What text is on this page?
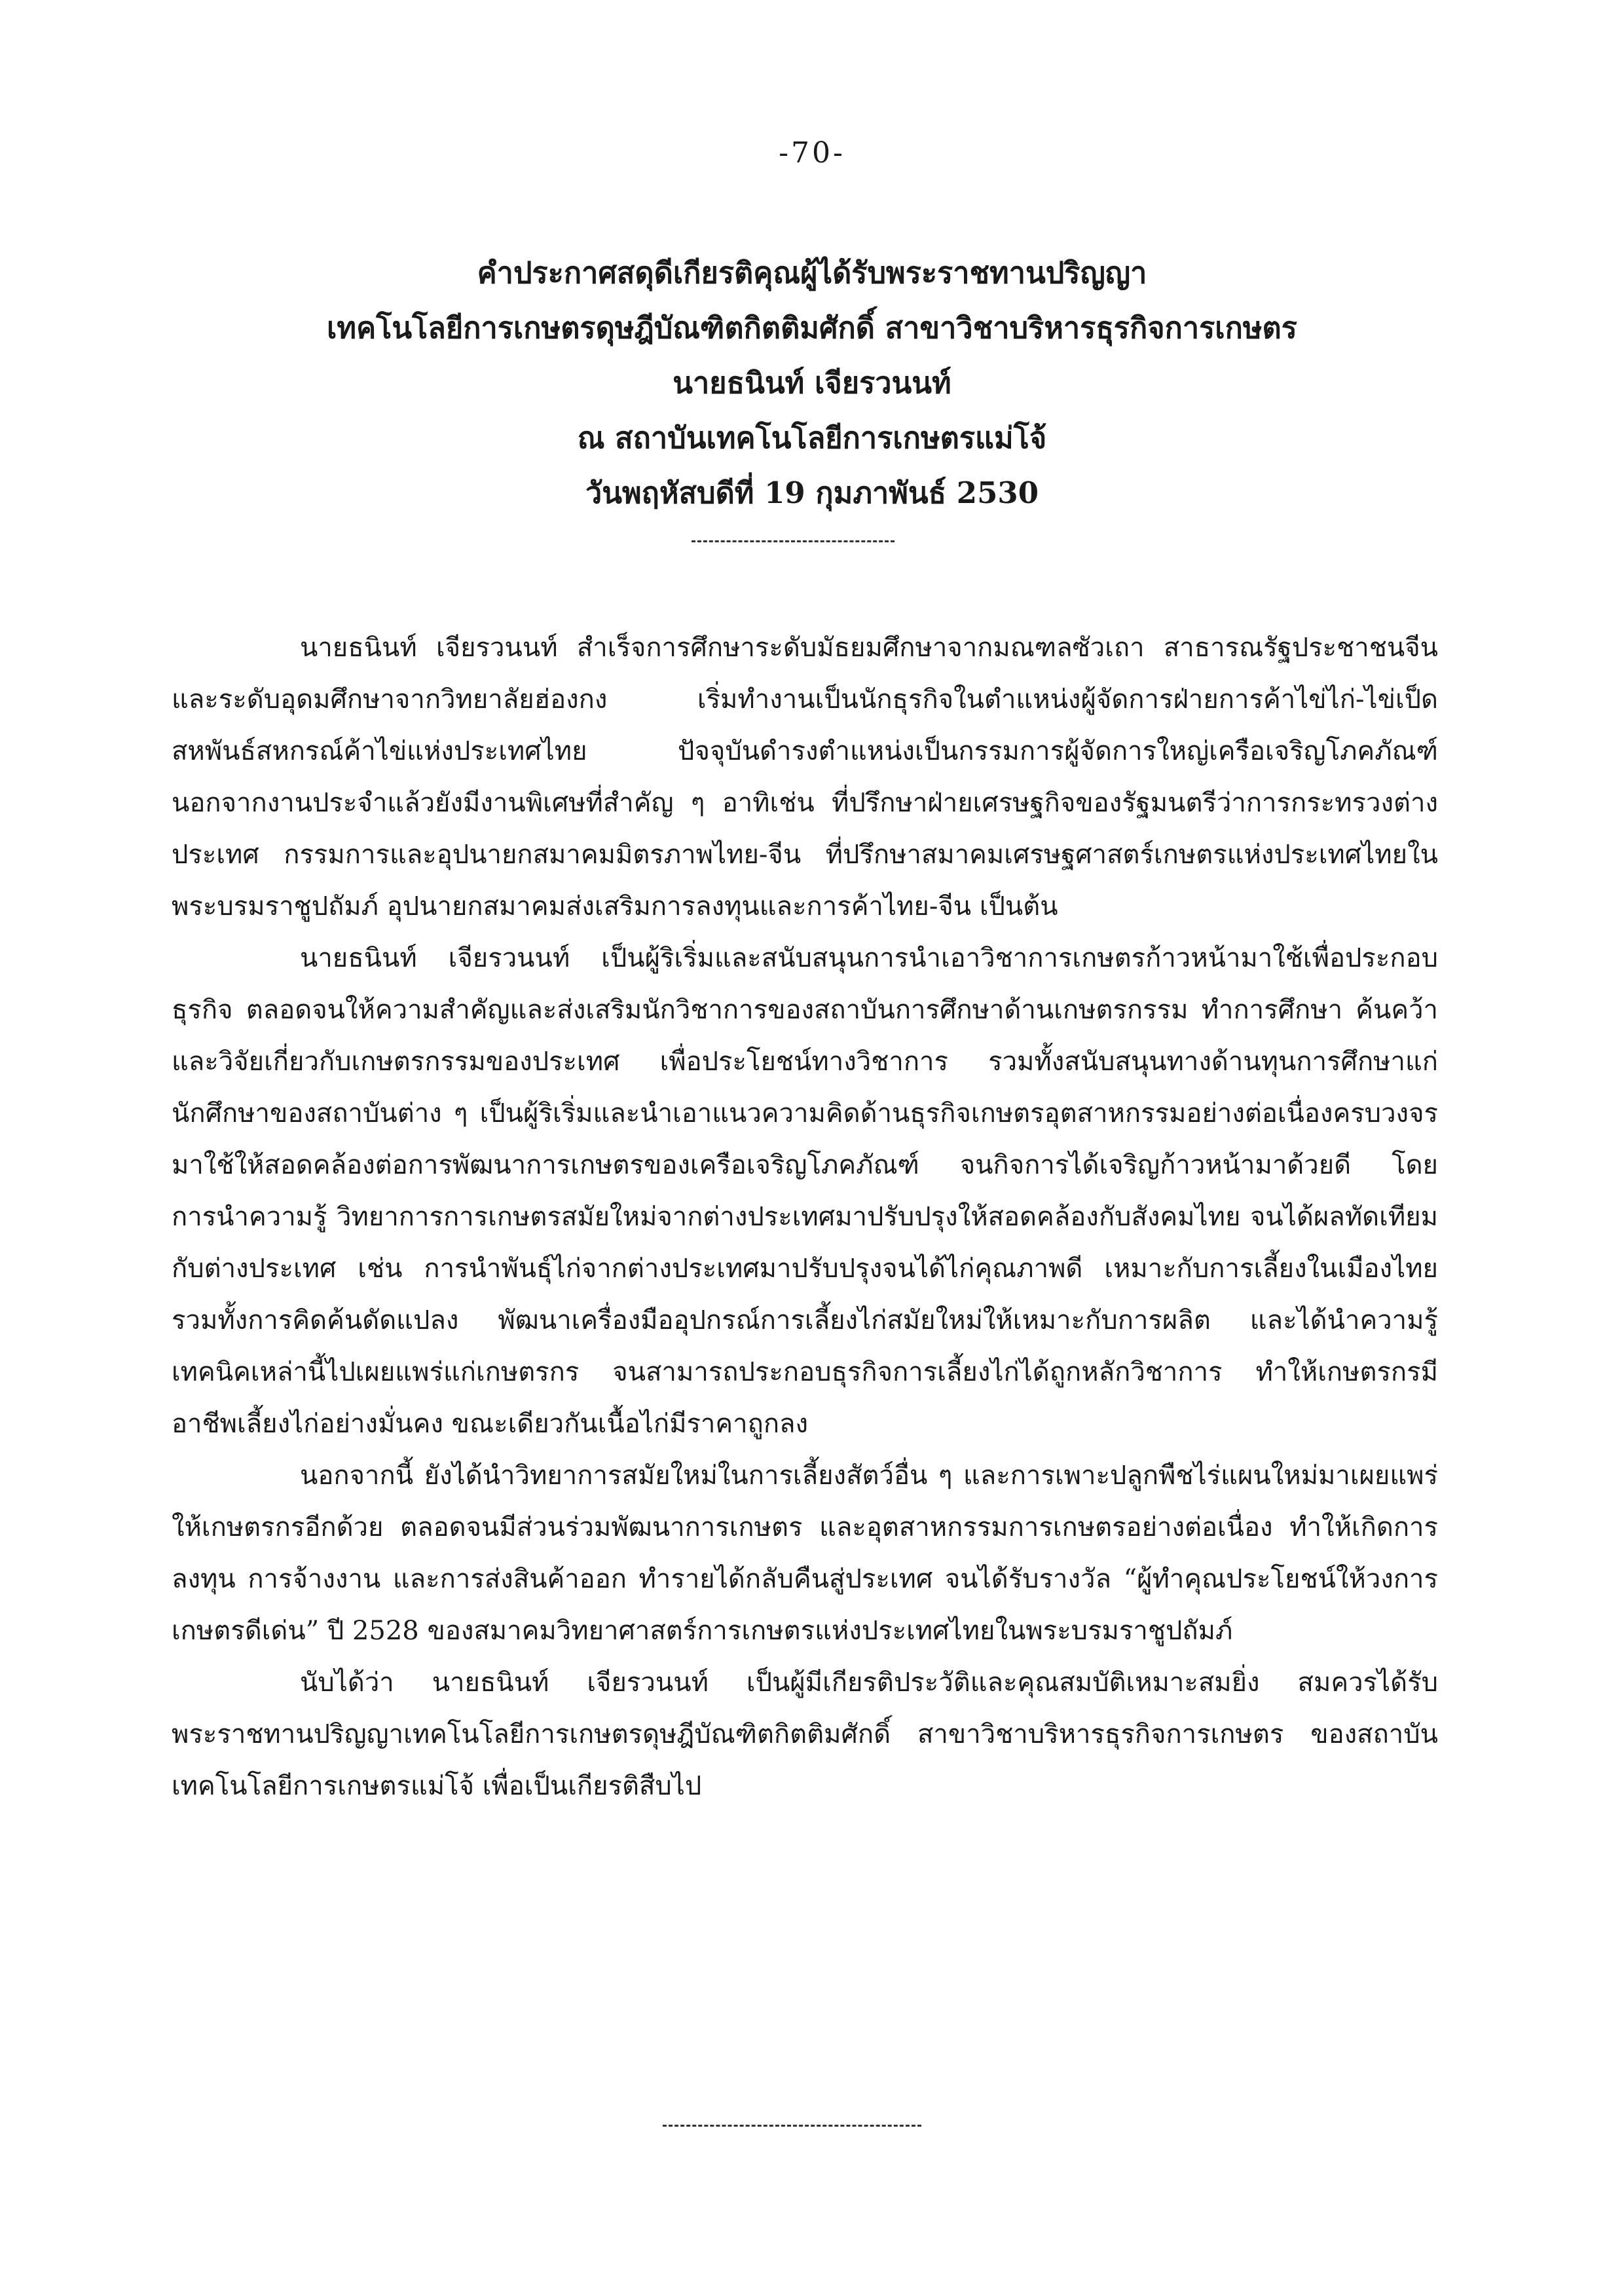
-70-
คำประกาศสดุดีเกียรติคุณผู้ได้รับพระราชทานปริญญา
เทคโนโลยีการเกษตรดุษฎีบัณฑิตกิตติมศักดิ์ สาขาวิชาบริหารธุรกิจการเกษตร
นายธนินท์ เจียรวนนท์
ณ สถาบันเทคโนโลยีการเกษตรแม่โจ้
วันพฤหัสบดีที่ 19 กุมภาพันธ์ 2530

นายธนินท์ เจียรวนนท์ สำเร็จการศึกษาระดับมัธยมศึกษาจากมณฑลซัวเถา สาธารณรัฐประชาชนจีน และระดับอุดมศึกษาจากวิทยาลัยฮ่องกง เริ่มทำงานเป็นนักธุรกิจในตำแหน่งผู้จัดการฝ่ายการค้าไข่ไก่-ไข่เป็ด สหพันธ์สหกรณ์ค้าไข่แห่งประเทศไทย ปัจจุบันดำรงตำแหน่งเป็นกรรมการผู้จัดการใหญ่เครือเจริญโภคภัณฑ์ นอกจากงานประจำแล้วยังมีงานพิเศษที่สำคัญ ๆ อาทิเช่น ที่ปรึกษาฝ่ายเศรษฐกิจของรัฐมนตรีว่าการกระทรวงต่างประเทศ กรรมการและอุปนายกสมาคมมิตรภาพไทย-จีน ที่ปรึกษาสมาคมเศรษฐศาสตร์เกษตรแห่งประเทศไทยในพระบรมราชูปถัมภ์ อุปนายกสมาคมส่งเสริมการลงทุนและการค้าไทย-จีน เป็นต้น

นายธนินท์ เจียรวนนท์ เป็นผู้ริเริ่มและสนับสนุนการนำเอาวิชาการเกษตรก้าวหน้ามาใช้เพื่อประกอบธุรกิจ ตลอดจนให้ความสำคัญและส่งเสริมนักวิชาการของสถาบันการศึกษาด้านเกษตรกรรม ทำการศึกษา ค้นคว้า และวิจัยเกี่ยวกับเกษตรกรรมของประเทศ เพื่อประโยชน์ทางวิชาการ รวมทั้งสนับสนุนทางด้านทุนการศึกษาแก่นักศึกษาของสถาบันต่าง ๆ เป็นผู้ริเริ่มและนำเอาแนวความคิดด้านธุรกิจเกษตรอุตสาหกรรมอย่างต่อเนื่องครบวงจรมาใช้ให้สอดคล้องต่อการพัฒนาการเกษตรของเครือเจริญโภคภัณฑ์ จนกิจการได้เจริญก้าวหน้ามาด้วยดี โดยการนำความรู้ วิทยาการการเกษตรสมัยใหม่จากต่างประเทศมาปรับปรุงให้สอดคล้องกับสังคมไทย จนได้ผลทัดเทียมกับต่างประเทศ เช่น การนำพันธุ์ไก่จากต่างประเทศมาปรับปรุงจนได้ไก่คุณภาพดี เหมาะกับการเลี้ยงในเมืองไทย รวมทั้งการคิดค้นดัดแปลง พัฒนาเครื่องมืออุปกรณ์การเลี้ยงไก่สมัยใหม่ให้เหมาะกับการผลิต และได้นำความรู้เทคนิคเหล่านี้ไปเผยแพร่แก่เกษตรกร จนสามารถประกอบธุรกิจการเลี้ยงไก่ได้ถูกหลักวิชาการ ทำให้เกษตรกรมีอาชีพเลี้ยงไก่อย่างมั่นคง ขณะเดียวกันเนื้อไก่มีราคาถูกลง

นอกจากนี้ ยังได้นำวิทยาการสมัยใหม่ในการเลี้ยงสัตว์อื่น ๆ และการเพาะปลูกพืชไร่แผนใหม่มาเผยแพร่ให้เกษตรกรอีกด้วย ตลอดจนมีส่วนร่วมพัฒนาการเกษตร และอุตสาหกรรมการเกษตรอย่างต่อเนื่อง ทำให้เกิดการลงทุน การจ้างงาน และการส่งสินค้าออก ทำรายได้กลับคืนสู่ประเทศ จนได้รับรางวัล “ผู้ทำคุณประโยชน์ให้วงการเกษตรดีเด่น” ปี 2528 ของสมาคมวิทยาศาสตร์การเกษตรแห่งประเทศไทยในพระบรมราชูปถัมภ์

นับได้ว่า นายธนินท์ เจียรวนนท์ เป็นผู้มีเกียรติประวัติและคุณสมบัติเหมาะสมยิ่ง สมควรได้รับพระราชทานปริญญาเทคโนโลยีการเกษตรดุษฎีบัณฑิตกิตติมศักดิ์ สาขาวิชาบริหารธุรกิจการเกษตร ของสถาบันเทคโนโลยีการเกษตรแม่โจ้ เพื่อเป็นเกียรติสืบไป
